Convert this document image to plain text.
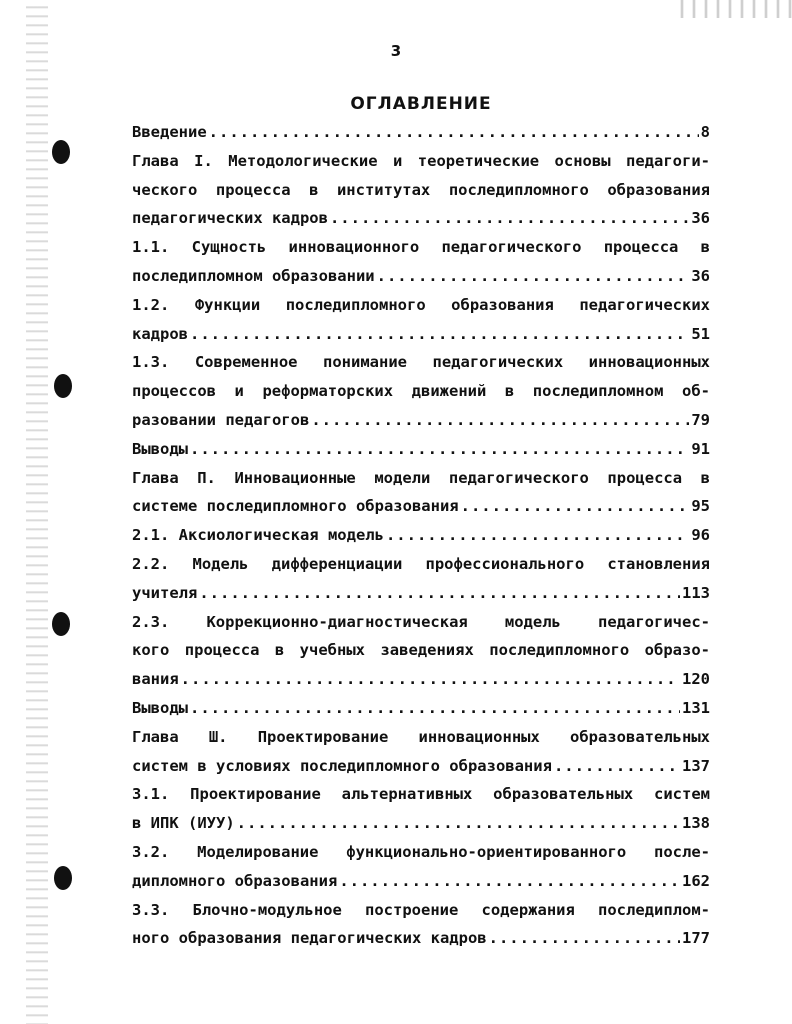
3
ОГЛАВЛЕНИЕ
Введение .....	8
Глава I. Методологические и теоретические основы педагоги-
ческого процесса в институтах последипломного образования
педагогических кадров .....	36
1.1. Сущность инновационного педагогического процесса в
последипломном образовании .....	36
1.2. Функции последипломного образования педагогических
кадров .....	51
1.3. Современное понимание педагогических инновационных
процессов и реформаторских движений в последипломном об-
разовании педагогов .....	79
Выводы .....	91
Глава П. Инновационные модели педагогического процесса в
системе последипломного образования .....	95
2.1. Аксиологическая модель .....	96
2.2. Модель дифференциации профессионального становления
учителя .....	113
2.3. Коррекционно-диагностическая модель педагогичес-
кого процесса в учебных заведениях последипломного образо-
вания .....	120
Выводы .....	131
Глава Ш. Проектирование инновационных образовательных
систем в условиях последипломного образования .....	137
3.1. Проектирование альтернативных образовательных систем
в ИПК (ИУУ) .....	138
3.2. Моделирование функционально-ориентированного после-
дипломного образования .....	162
3.3. Блочно-модульное построение содержания последиплом-
ного образования педагогических кадров .....	177
